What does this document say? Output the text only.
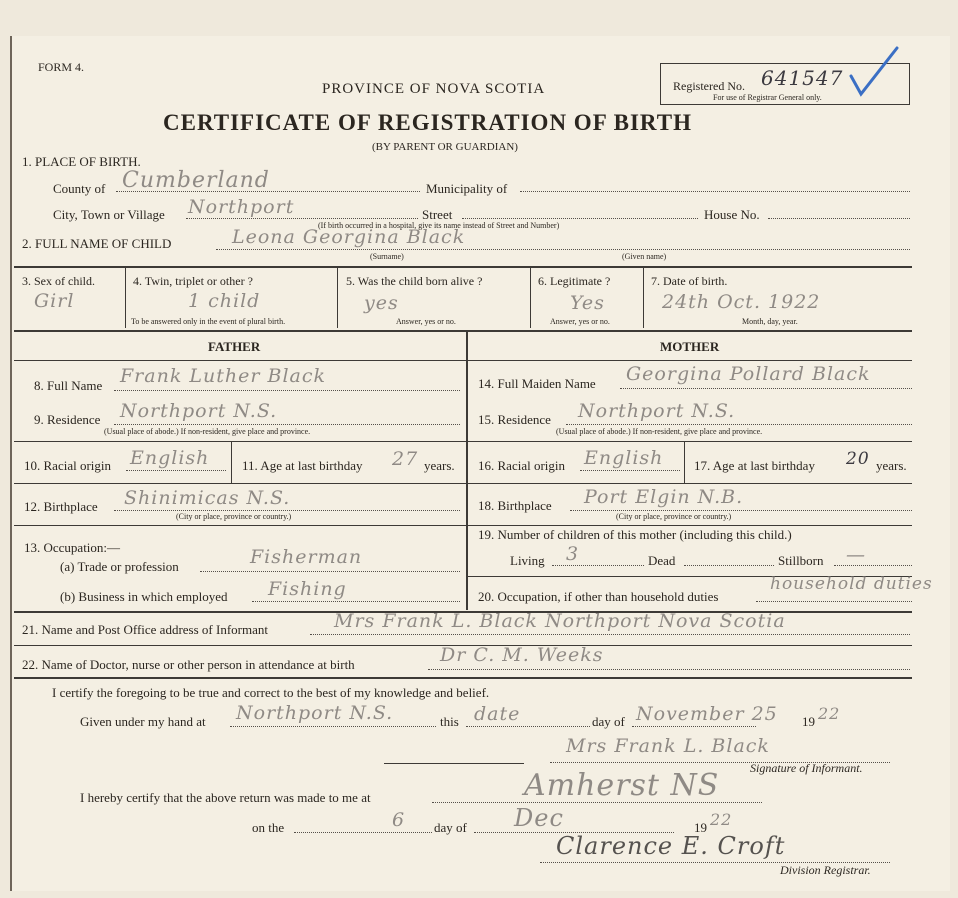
FORM 4.
PROVINCE OF NOVA SCOTIA	Registered No. 641547
For use of Registrar General only.
CERTIFICATE OF REGISTRATION OF BIRTH
(BY PARENT OR GUARDIAN)
1. PLACE OF BIRTH.
County of Cumberland	Municipality of
City, Town or Village Northport	Street	House No.
(If birth occurred in a hospital, give its name instead of Street and Number)
2. FULL NAME OF CHILD	Leona Georgina Black
(Surname)	(Given name)
3. Sex of child.
Girl
4. Twin, triplet or other ?
1 child
To be answered only in the event of plural birth.
5. Was the child born alive ?
yes
Answer, yes or no.
6. Legitimate ?
Yes
Answer, yes or no.
7. Date of birth.
24th Oct. 1922
Month, day, year.
FATHER	MOTHER
8. Full Name Frank Luther Black
9. Residence Northport N.S.
(Usual place of abode.) If non-resident, give place and province.
10. Racial origin English	11. Age at last birthday 27 years.
12. Birthplace Shinimicas N.S.
(City or place, province or country.)
13. Occupation:—
(a) Trade or profession	Fisherman
(b) Business in which employed Fishing
14. Full Maiden Name Georgina Pollard Black
15. Residence Northport N.S.
(Usual place of abode.) If non-resident, give place and province.
16. Racial origin English 17. Age at last birthday 20 years.
18. Birthplace Port Elgin N.B.
(City or place, province or country.)
19. Number of children of this mother (including this child.)
Living 3	Dead	Stillborn —
20. Occupation, if other than household duties
household duties
21. Name and Post Office address of Informant	Mrs Frank L. Black Northport Nova Scotia
22. Name of Doctor, nurse or other person in attendance at birth	Dr C. M. Weeks
I certify the foregoing to be true and correct to the best of my knowledge and belief.
Given under my hand at Northport N.S.	this date	day of November 25 19 22
Mrs Frank L. Black
Signature of Informant.
I hereby certify that the above return was made to me at	Amherst NS
on the	6 day of Dec	19 22
Clarence E. Croft
Division Registrar.
